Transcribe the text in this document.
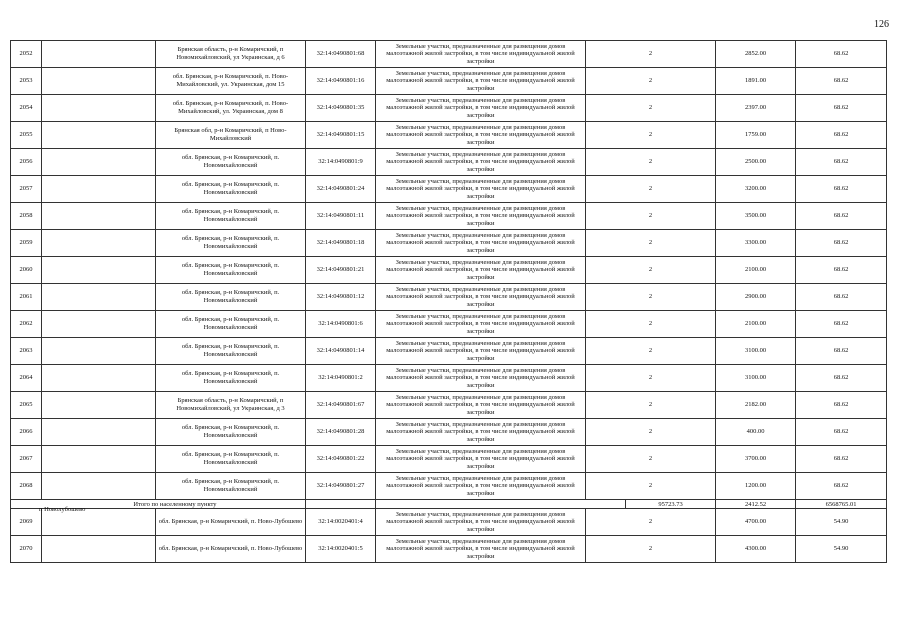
126
2052		Брянская область, р-н Комаричский, п Новомихайловский, ул Украинская, д 6	32:14:0490801:68	Земельные участки, предназначенные для размещения домов малоэтажной жилой застройки, в том числе индивидуальной жилой застройки	2		2852.00	68.62	
2053		обл. Брянская, р-н Комаричский, п. Ново-Михайловский, ул. Украинская, дом 15	32:14:0490801:16	Земельные участки, предназначенные для размещения домов малоэтажной жилой застройки, в том числе индивидуальной жилой застройки	2		1891.00	68.62	
2054		обл. Брянская, р-н Комаричский, п. Ново-Михайловский, ул. Украинская, дом 8	32:14:0490801:35	Земельные участки, предназначенные для размещения домов малоэтажной жилой застройки, в том числе индивидуальной жилой застройки	2		2397.00	68.62	
2055		Брянская обл, р-н Комаричский, п Ново-Михайловский	32:14:0490801:15	Земельные участки, предназначенные для размещения домов малоэтажной жилой застройки, в том числе индивидуальной жилой застройки	2		1759.00	68.62	
2056		обл. Брянская, р-н Комаричский, п. Новомихайловский	32:14:0490801:9	Земельные участки, предназначенные для размещения домов малоэтажной жилой застройки, в том числе индивидуальной жилой застройки	2		2500.00	68.62	
2057		обл. Брянская, р-н Комаричский, п. Новомихайловский	32:14:0490801:24	Земельные участки, предназначенные для размещения домов малоэтажной жилой застройки, в том числе индивидуальной жилой застройки	2		3200.00	68.62	
2058		обл. Брянская, р-н Комаричский, п. Новомихайловский	32:14:0490801:11	Земельные участки, предназначенные для размещения домов малоэтажной жилой застройки, в том числе индивидуальной жилой застройки	2		3500.00	68.62	
2059		обл. Брянская, р-н Комаричский, п. Новомихайловский	32:14:0490801:18	Земельные участки, предназначенные для размещения домов малоэтажной жилой застройки, в том числе индивидуальной жилой застройки	2		3300.00	68.62	
2060		обл. Брянская, р-н Комаричский, п. Новомихайловский	32:14:0490801:21	Земельные участки, предназначенные для размещения домов малоэтажной жилой застройки, в том числе индивидуальной жилой застройки	2		2100.00	68.62	
2061		обл. Брянская, р-н Комаричский, п. Новомихайловский	32:14:0490801:12	Земельные участки, предназначенные для размещения домов малоэтажной жилой застройки, в том числе индивидуальной жилой застройки	2		2900.00	68.62	
2062		обл. Брянская, р-н Комаричский, п. Новомихайловский	32:14:0490801:6	Земельные участки, предназначенные для размещения домов малоэтажной жилой застройки, в том числе индивидуальной жилой застройки	2		2100.00	68.62	
2063		обл. Брянская, р-н Комаричский, п. Новомихайловский	32:14:0490801:14	Земельные участки, предназначенные для размещения домов малоэтажной жилой застройки, в том числе индивидуальной жилой застройки	2		3100.00	68.62	
2064		обл. Брянская, р-н Комаричский, п. Новомихайловский	32:14:0490801:2	Земельные участки, предназначенные для размещения домов малоэтажной жилой застройки, в том числе индивидуальной жилой застройки	2		3100.00	68.62	
2065		Брянская область, р-н Комаричский, п Новомихайловский, ул Украинская, д 3	32:14:0490801:67	Земельные участки, предназначенные для размещения домов малоэтажной жилой застройки, в том числе индивидуальной жилой застройки	2		2182.00	68.62	
2066		обл. Брянская, р-н Комаричский, п. Новомихайловский	32:14:0490801:28	Земельные участки, предназначенные для размещения домов малоэтажной жилой застройки, в том числе индивидуальной жилой застройки	2		400.00	68.62	
2067		обл. Брянская, р-н Комаричский, п. Новомихайловский	32:14:0490801:22	Земельные участки, предназначенные для размещения домов малоэтажной жилой застройки, в том числе индивидуальной жилой застройки	2		3700.00	68.62	
2068		обл. Брянская, р-н Комаричский, п. Новомихайловский	32:14:0490801:27	Земельные участки, предназначенные для размещения домов малоэтажной жилой застройки, в том числе индивидуальной жилой застройки	2		1200.00	68.62	
Итого по населенному пункту						95723.73	2412.52	6568765.01	
2069	п Новолубошево	обл. Брянская, р-н Комаричский, п. Ново-Лубошево	32:14:0020401:4	Земельные участки, предназначенные для размещения домов малоэтажной жилой застройки, в том числе индивидуальной жилой застройки	2		4700.00	54.90	
2070		обл. Брянская, р-н Комаричский, п. Ново-Лубошево	32:14:0020401:5	Земельные участки, предназначенные для размещения домов малоэтажной жилой застройки, в том числе индивидуальной жилой застройки	2		4300.00	54.90	
